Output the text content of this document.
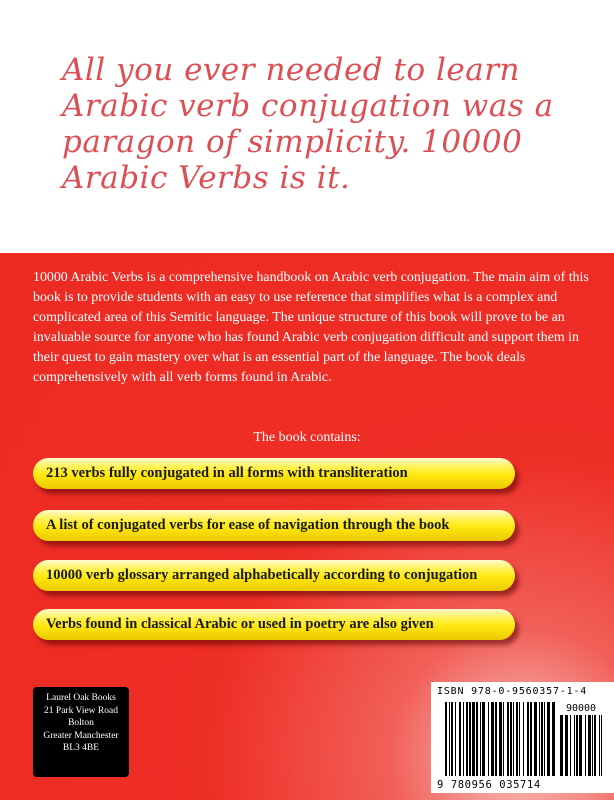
All you ever needed to learn Arabic verb conjugation was a paragon of simplicity. 10000 Arabic Verbs is it.

10000 Arabic Verbs is a comprehensive handbook on Arabic verb conjugation. The main aim of this book is to provide students with an easy to use reference that simplifies what is a complex and complicated area of this Semitic language. The unique structure of this book will prove to be an invaluable source for anyone who has found Arabic verb conjugation difficult and support them in their quest to gain mastery over what is an essential part of the language. The book deals comprehensively with all verb forms found in Arabic.

The book contains:
213 verbs fully conjugated in all forms with transliteration
A list of conjugated verbs for ease of navigation through the book
10000 verb glossary arranged alphabetically according to conjugation
Verbs found in classical Arabic or used in poetry are also given
Laurel Oak Books
21 Park View Road
Bolton
Greater Manchester
BL3 4BE
90000
9 780956 035714
ISBN 978-0-9560357-1-4
